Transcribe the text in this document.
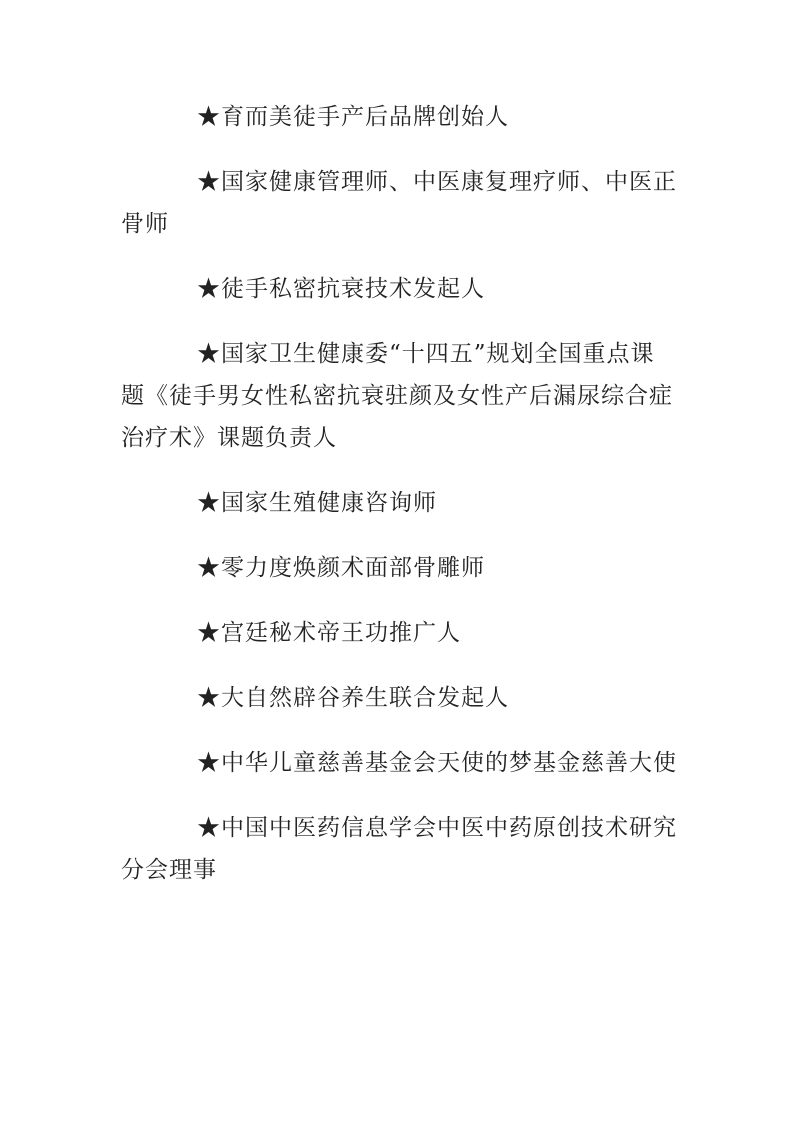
★育而美徒手产后品牌创始人

★国家健康管理师、中医康复理疗师、中医正骨师

★徒手私密抗衰技术发起人

★国家卫生健康委“十四五”规划全国重点课题《徒手男女性私密抗衰驻颜及女性产后漏尿综合症治疗术》课题负责人

★国家生殖健康咨询师

★零力度焕颜术面部骨雕师

★宫廷秘术帝王功推广人

★大自然辟谷养生联合发起人

★中华儿童慈善基金会天使的梦基金慈善大使

★中国中医药信息学会中医中药原创技术研究分会理事
